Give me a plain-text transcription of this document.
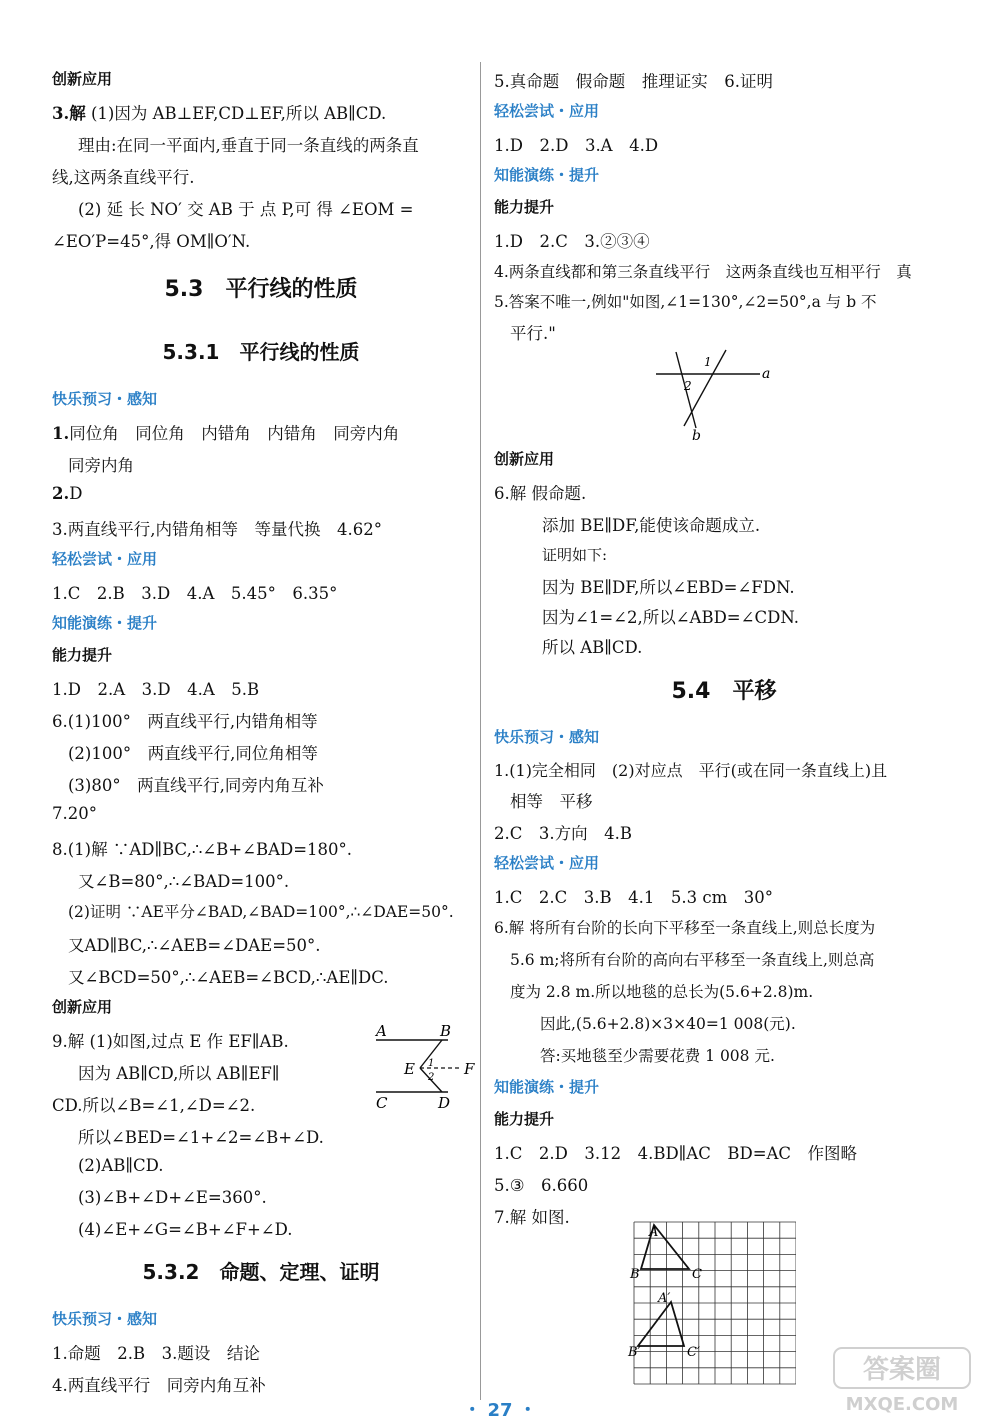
创新应用
3.解 (1)因为 AB⊥EF,CD⊥EF,所以 AB∥CD.
理由:在同一平面内,垂直于同一条直线的两条直
线,这两条直线平行.
(2) 延 长 NO′ 交 AB 于 点 P,可 得 ∠EOM =
∠EO′P=45°,得 OM∥O′N.
5.3　平行线的性质
5.3.1　平行线的性质
快乐预习・感知
1.同位角　同位角　内错角　内错角　同旁内角
同旁内角
2.D
3.两直线平行,内错角相等　等量代换　4.62°
轻松尝试・应用
1.C　2.B　3.D　4.A　5.45°　6.35°
知能演练・提升
能力提升
1.D　2.A　3.D　4.A　5.B
6.(1)100°　两直线平行,内错角相等
(2)100°　两直线平行,同位角相等
(3)80°　两直线平行,同旁内角互补
7.20°
8.(1)解 ∵AD∥BC,∴∠B+∠BAD=180°.
又∠B=80°,∴∠BAD=100°.
(2)证明 ∵AE平分∠BAD,∠BAD=100°,∴∠DAE=50°.
又AD∥BC,∴∠AEB=∠DAE=50°.
又∠BCD=50°,∴∠AEB=∠BCD,∴AE∥DC.
创新应用
9.解 (1)如图,过点 E 作 EF∥AB.
因为 AB∥CD,所以 AB∥EF∥
CD.所以∠B=∠1,∠D=∠2.
所以∠BED=∠1+∠2=∠B+∠D.
(2)AB∥CD.
(3)∠B+∠D+∠E=360°.
(4)∠E+∠G=∠B+∠F+∠D.
A	B
C	D
E	F
1
2
5.3.2　命题、定理、证明
快乐预习・感知
1.命题　2.B　3.题设　结论
4.两直线平行　同旁内角互补
5.真命题　假命题　推理证实　6.证明
轻松尝试・应用
1.D　2.D　3.A　4.D
知能演练・提升
能力提升
1.D　2.C　3.②③④
4.两条直线都和第三条直线平行　这两条直线也互相平行　真
5.答案不唯一,例如"如图,∠1=130°,∠2=50°,a 与 b 不
平行."
1
2
a
b
创新应用
6.解 假命题.
添加 BE∥DF,能使该命题成立.
证明如下:
因为 BE∥DF,所以∠EBD=∠FDN.
因为∠1=∠2,所以∠ABD=∠CDN.
所以 AB∥CD.
5.4　平移
快乐预习・感知
1.(1)完全相同　(2)对应点　平行(或在同一条直线上)且
相等　平移
2.C　3.方向　4.B
轻松尝试・应用
1.C　2.C　3.B　4.1　5.3 cm　30°
6.解 将所有台阶的长向下平移至一条直线上,则总长度为
5.6 m;将所有台阶的高向右平移至一条直线上,则总高
度为 2.8 m.所以地毯的总长为(5.6+2.8)m.
因此,(5.6+2.8)×3×40=1 008(元).
答:买地毯至少需要花费 1 008 元.
知能演练・提升
能力提升
1.C　2.D　3.12　4.BD∥AC　BD=AC　作图略
5.③　6.660
7.解 如图.
A
B	C
A′
B′	C′
・ 27 ・
答案圈
MXQE.COM
